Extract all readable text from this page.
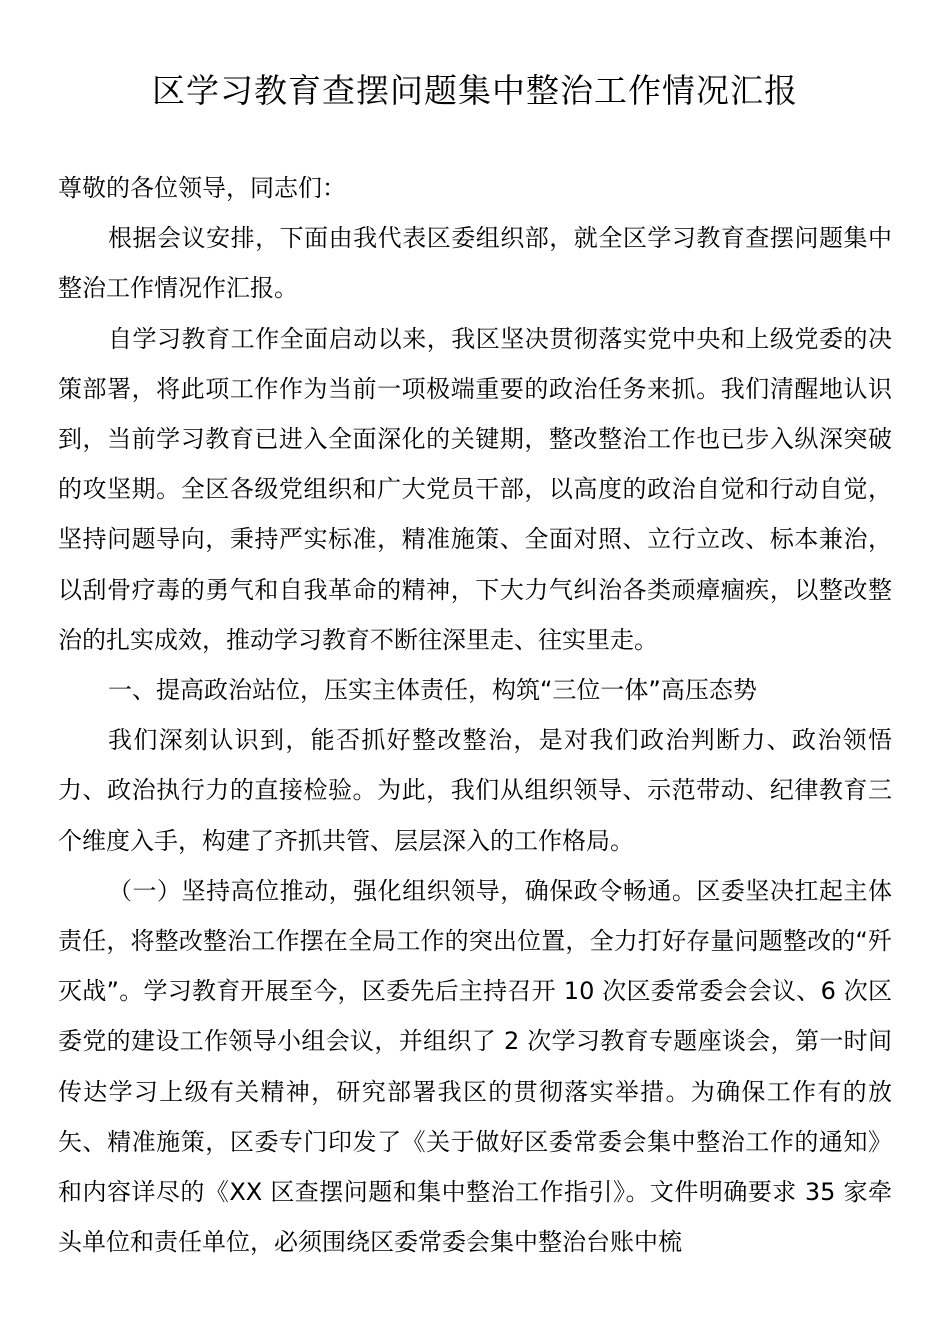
区学习教育查摆问题集中整治工作情况汇报

尊敬的各位领导，同志们：

根据会议安排，下面由我代表区委组织部，就全区学习教育查摆问题集中整治工作情况作汇报。

自学习教育工作全面启动以来，我区坚决贯彻落实党中央和上级党委的决策部署，将此项工作作为当前一项极端重要的政治任务来抓。我们清醒地认识到，当前学习教育已进入全面深化的关键期，整改整治工作也已步入纵深突破的攻坚期。全区各级党组织和广大党员干部，以高度的政治自觉和行动自觉，坚持问题导向，秉持严实标准，精准施策、全面对照、立行立改、标本兼治，以刮骨疗毒的勇气和自我革命的精神，下大力气纠治各类顽瘴痼疾，以整改整治的扎实成效，推动学习教育不断往深里走、往实里走。

一、提高政治站位，压实主体责任，构筑“三位一体”高压态势

我们深刻认识到，能否抓好整改整治，是对我们政治判断力、政治领悟力、政治执行力的直接检验。为此，我们从组织领导、示范带动、纪律教育三个维度入手，构建了齐抓共管、层层深入的工作格局。

（一）坚持高位推动，强化组织领导，确保政令畅通。区委坚决扛起主体责任，将整改整治工作摆在全局工作的突出位置，全力打好存量问题整改的“歼灭战”。学习教育开展至今，区委先后主持召开 10 次区委常委会会议、6 次区委党的建设工作领导小组会议，并组织了 2 次学习教育专题座谈会，第一时间传达学习上级有关精神，研究部署我区的贯彻落实举措。为确保工作有的放矢、精准施策，区委专门印发了《关于做好区委常委会集中整治工作的通知》和内容详尽的《XX 区查摆问题和集中整治工作指引》。文件明确要求 35 家牵头单位和责任单位，必须围绕区委常委会集中整治台账中梳
